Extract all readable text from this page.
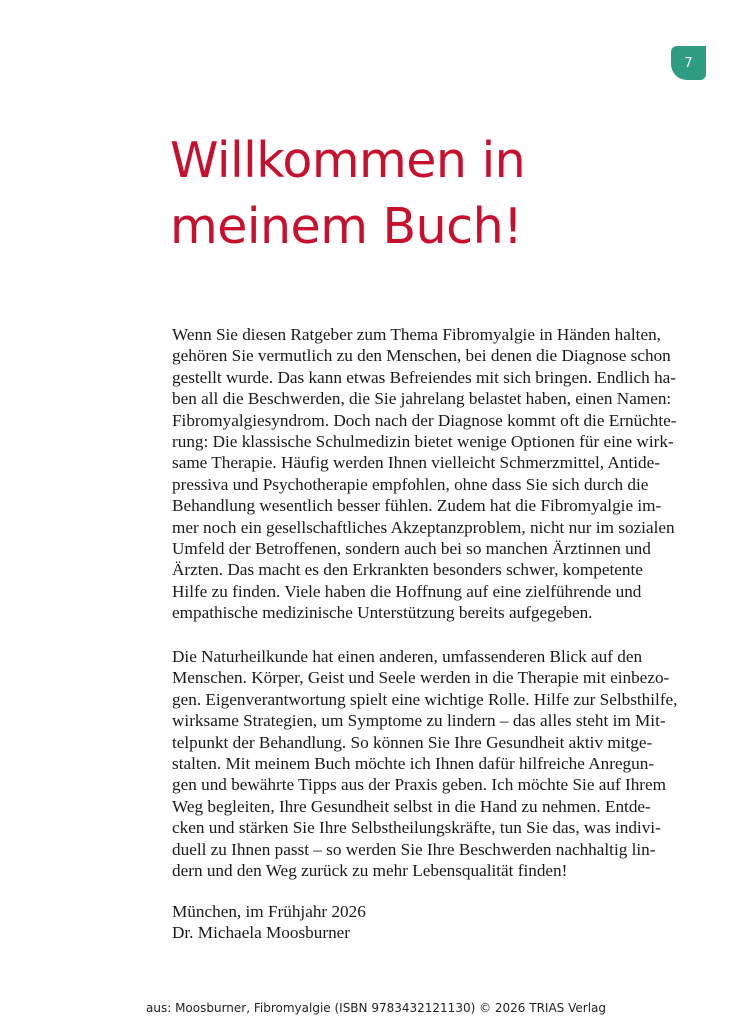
7
Willkommen in
meinem Buch!
Wenn Sie diesen Ratgeber zum Thema Fibromyalgie in Händen halten,
gehören Sie vermutlich zu den Menschen, bei denen die Diagnose schon
gestellt wurde. Das kann etwas Befreiendes mit sich bringen. Endlich ha-
ben all die Beschwerden, die Sie jahrelang belastet haben, einen Namen:
Fibromyalgiesyndrom. Doch nach der Diagnose kommt oft die Ernüchte-
rung: Die klassische Schulmedizin bietet wenige Optionen für eine wirk-
same Therapie. Häufig werden Ihnen vielleicht Schmerzmittel, Antide-
pressiva und Psychotherapie empfohlen, ohne dass Sie sich durch die
Behandlung wesentlich besser fühlen. Zudem hat die Fibromyalgie im-
mer noch ein gesellschaftliches Akzeptanzproblem, nicht nur im sozialen
Umfeld der Betroffenen, sondern auch bei so manchen Ärztinnen und
Ärzten. Das macht es den Erkrankten besonders schwer, kompetente
Hilfe zu finden. Viele haben die Hoffnung auf eine zielführende und
empathische medizinische Unterstützung bereits aufgegeben.
Die Naturheilkunde hat einen anderen, umfassenderen Blick auf den
Menschen. Körper, Geist und Seele werden in die Therapie mit einbezo-
gen. Eigenverantwortung spielt eine wichtige Rolle. Hilfe zur Selbsthilfe,
wirksame Strategien, um Symptome zu lindern – das alles steht im Mit-
telpunkt der Behandlung. So können Sie Ihre Gesundheit aktiv mitge-
stalten. Mit meinem Buch möchte ich Ihnen dafür hilfreiche Anregun-
gen und bewährte Tipps aus der Praxis geben. Ich möchte Sie auf Ihrem
Weg begleiten, Ihre Gesundheit selbst in die Hand zu nehmen. Entde-
cken und stärken Sie Ihre Selbstheilungskräfte, tun Sie das, was indivi-
duell zu Ihnen passt – so werden Sie Ihre Beschwerden nachhaltig lin-
dern und den Weg zurück zu mehr Lebensqualität finden!
München, im Frühjahr 2026
Dr. Michaela Moosburner
aus: Moosburner, Fibromyalgie (ISBN 9783432121130) © 2026 TRIAS Verlag
